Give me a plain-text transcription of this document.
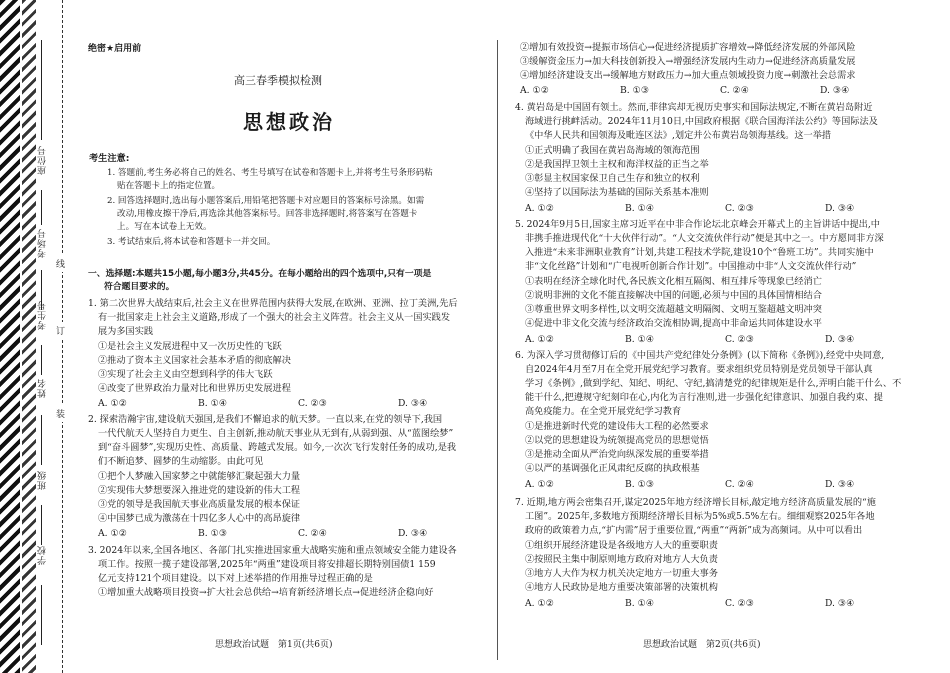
座位号
考场号
考生号
姓名
班级
学校
线
订
装
绝密★启用前
高三春季模拟检测
思想政治
考生注意:
1. 答题前,考生务必将自己的姓名、考生号填写在试卷和答题卡上,并将考生号条形码粘
贴在答题卡上的指定位置。
2. 回答选择题时,选出每小题答案后,用铅笔把答题卡对应题目的答案标号涂黑。如需
改动,用橡皮擦干净后,再选涂其他答案标号。回答非选择题时,将答案写在答题卡
上。写在本试卷上无效。
3. 考试结束后,将本试卷和答题卡一并交回。
一、选择题:本题共15小题,每小题3分,共45分。在每小题给出的四个选项中,只有一项是
符合题目要求的。
1. 第二次世界大战结束后,社会主义在世界范围内获得大发展,在欧洲、亚洲、拉丁美洲,先后
有一批国家走上社会主义道路,形成了一个强大的社会主义阵营。社会主义从一国实践发
展为多国实践
①是社会主义发展进程中又一次历史性的飞跃
②推动了资本主义国家社会基本矛盾的彻底解决
③实现了社会主义由空想到科学的伟大飞跃
④改变了世界政治力量对比和世界历史发展进程
A. ①②	B. ①④	C. ②③	D. ③④
2. 探索浩瀚宇宙,建设航天强国,是我们不懈追求的航天梦。一直以来,在党的领导下,我国
一代代航天人坚持自力更生、自主创新,推动航天事业从无到有,从弱到强、从“蓝图绘梦”
到“奋斗圆梦”,实现历史性、高质量、跨越式发展。如今,一次次飞行发射任务的成功,是我
们不断追梦、圆梦的生动缩影。由此可见
①把个人梦融入国家梦之中就能够汇聚起强大力量
②实现伟大梦想要深入推进党的建设新的伟大工程
③党的领导是我国航天事业高质量发展的根本保证
④中国梦已成为激荡在十四亿多人心中的高昂旋律
A. ①②	B. ①③	C. ②④	D. ③④
3. 2024年以来,全国各地区、各部门扎实推进国家重大战略实施和重点领域安全能力建设各
项工作。按照一揽子建设部署,2025年“两重”建设项目将安排超长期特别国债1 159
亿元支持121个项目建设。以下对上述举措的作用推导过程正确的是
①增加重大战略项目投资→扩大社会总供给→培育新经济增长点→促进经济企稳向好
思想政治试题　第1页(共6页)
②增加有效投资→提振市场信心→促进经济提质扩容增效→降低经济发展的外部风险
③缓解资金压力→加大科技创新投入→增强经济发展内生动力→促进经济高质量发展
④增加经济建设支出→缓解地方财政压力→加大重点领域投资力度→刺激社会总需求
A. ①②	B. ①③	C. ②④	D. ③④
4. 黄岩岛是中国固有领土。然而,菲律宾却无视历史事实和国际法规定,不断在黄岩岛附近
海域进行挑衅活动。2024年11月10日,中国政府根据《联合国海洋法公约》等国际法及
《中华人民共和国领海及毗连区法》,划定并公布黄岩岛领海基线。这一举措
①正式明确了我国在黄岩岛海域的领海范围
②是我国捍卫领土主权和海洋权益的正当之举
③彰显主权国家保卫自己生存和独立的权利
④坚持了以国际法为基础的国际关系基本准则
A. ①②	B. ①④	C. ②③	D. ③④
5. 2024年9月5日,国家主席习近平在中非合作论坛北京峰会开幕式上的主旨讲话中提出,中
非携手推进现代化“十大伙伴行动”。“人文交流伙伴行动”便是其中之一。中方愿同非方深
入推进“未来非洲职业教育”计划,共建工程技术学院,建设10个“鲁班工坊”。共同实施中
非“文化丝路”计划和“广电视听创新合作计划”。中国推动中非“人文交流伙伴行动”
①表明在经济全球化时代,各民族文化相互隔阂、相互排斥等现象已经消亡
②说明非洲的文化不能直接解决中国的问题,必须与中国的具体国情相结合
③尊重世界文明多样性,以文明交流超越文明隔阂、文明互鉴超越文明冲突
④促进中非文化交流与经济政治交流相协调,提高中非命运共同体建设水平
A. ①②	B. ①④	C. ②③	D. ③④
6. 为深入学习贯彻修订后的《中国共产党纪律处分条例》(以下简称《条例》),经党中央同意,
自2024年4月至7月在全党开展党纪学习教育。要求组织党员特别是党员领导干部认真
学习《条例》,做到学纪、知纪、明纪、守纪,搞清楚党的纪律规矩是什么,弄明白能干什么、不
能干什么,把遵规守纪刻印在心,内化为言行准则,进一步强化纪律意识、加强自我约束、提
高免疫能力。在全党开展党纪学习教育
①是推进新时代党的建设伟大工程的必然要求
②以党的思想建设为统领提高党员的思想觉悟
③是推动全面从严治党向纵深发展的重要举措
④以严的基调强化正风肃纪反腐的执政根基
A. ①②	B. ①③	C. ②④	D. ③④
7. 近期,地方两会密集召开,谋定2025年地方经济增长目标,敲定地方经济高质量发展的“施
工图”。2025年,多数地方预期经济增长目标为5%或5.5%左右。细细观察2025年各地
政府的政策着力点,“扩内需”居于重要位置,“两重”“两新”成为高频词。从中可以看出
①组织开展经济建设是各级地方人大的重要职责
②按照民主集中制原则地方政府对地方人大负责
③地方人大作为权力机关决定地方一切重大事务
④地方人民政协是地方重要决策部署的决策机构
A. ①②	B. ①④	C. ②③	D. ③④
思想政治试题　第2页(共6页)
